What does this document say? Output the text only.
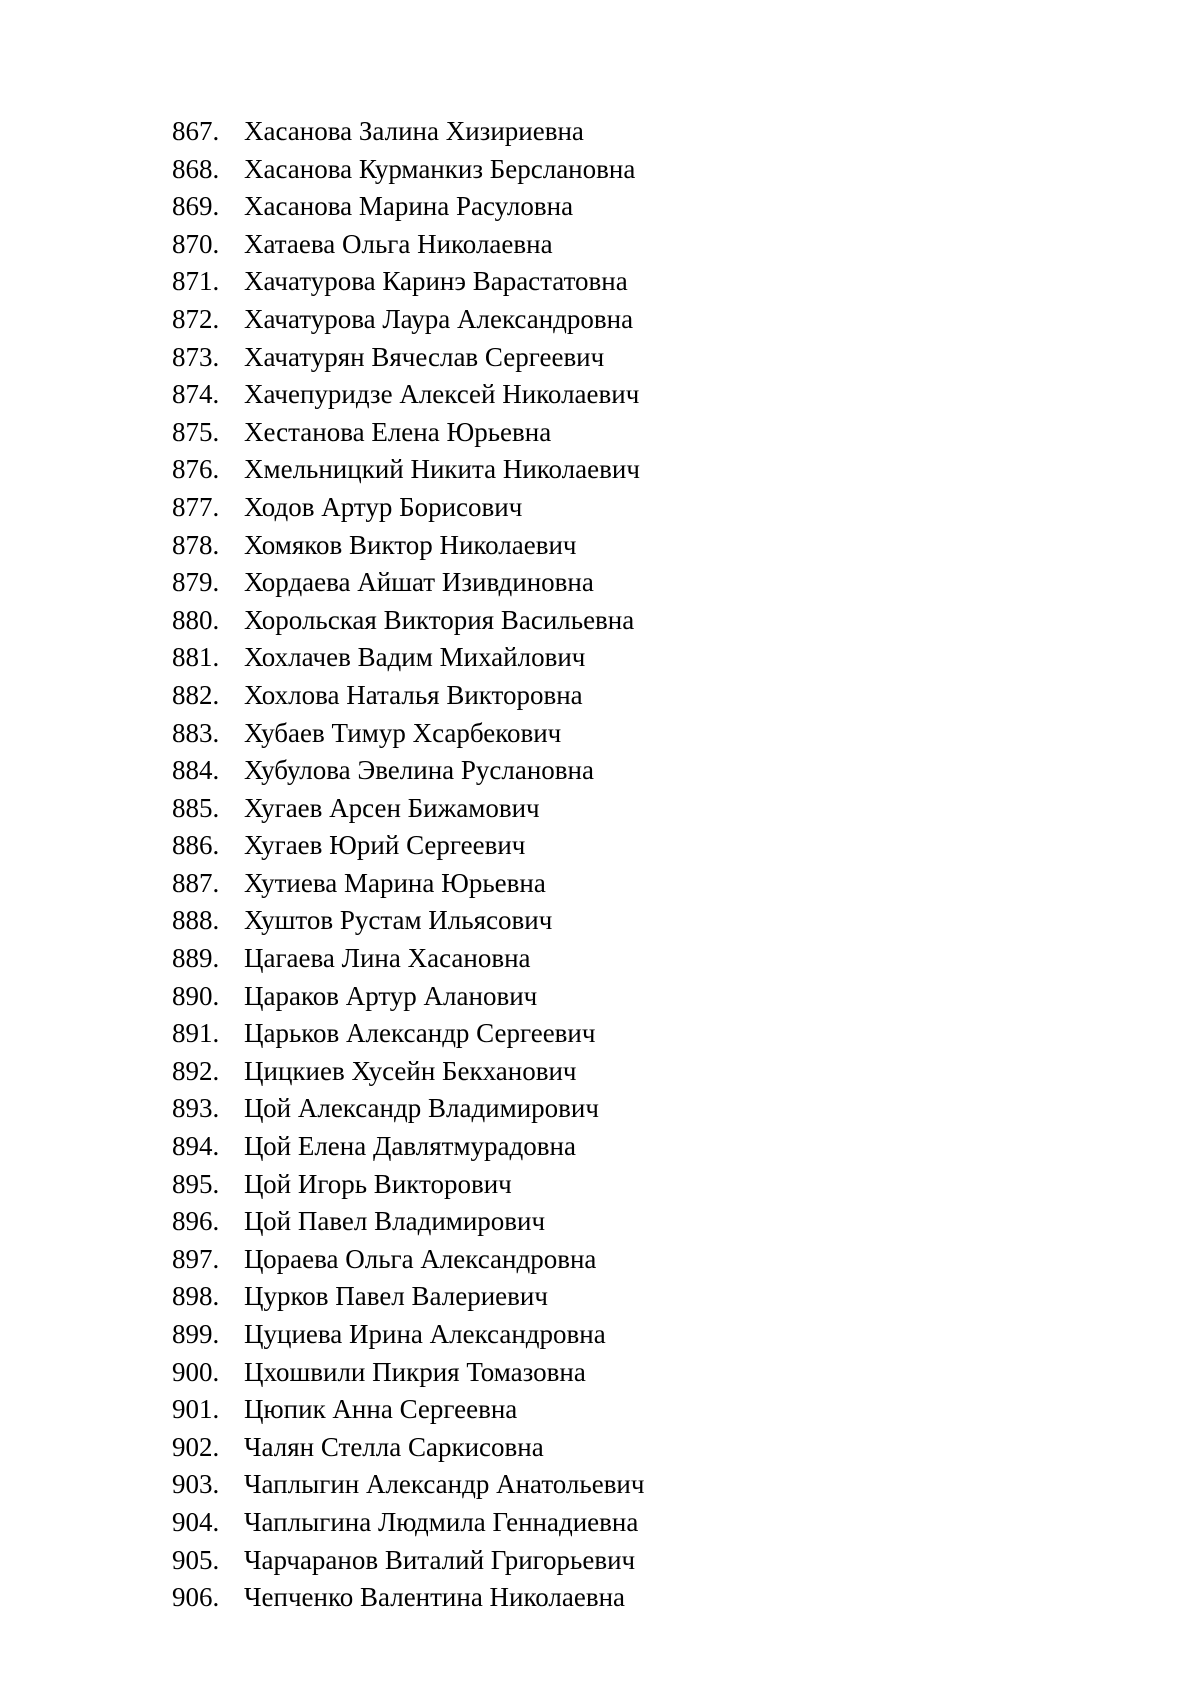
867. Хасанова Залина Хизириевна
868. Хасанова Курманкиз Берслановна
869. Хасанова Марина Расуловна
870. Хатаева Ольга Николаевна
871. Хачатурова Каринэ Варастатовна
872. Хачатурова Лаура Александровна
873. Хачатурян Вячеслав Сергеевич
874. Хачепуридзе Алексей Николаевич
875. Хестанова Елена Юрьевна
876. Хмельницкий Никита Николаевич
877. Ходов Артур Борисович
878. Хомяков Виктор Николаевич
879. Хордаева Айшат Изивдиновна
880. Хорольская Виктория Васильевна
881. Хохлачев Вадим Михайлович
882. Хохлова Наталья Викторовна
883. Хубаев Тимур Хсарбекович
884. Хубулова Эвелина Руслановна
885. Хугаев Арсен Бижамович
886. Хугаев Юрий Сергеевич
887. Хутиева Марина Юрьевна
888. Хуштов Рустам Ильясович
889. Цагаева Лина Хасановна
890. Цараков Артур Аланович
891. Царьков Александр Сергеевич
892. Цицкиев Хусейн Бекханович
893. Цой Александр Владимирович
894. Цой Елена Давлятмурадовна
895. Цой Игорь Викторович
896. Цой Павел Владимирович
897. Цораева Ольга Александровна
898. Цурков Павел Валериевич
899. Цуциева Ирина Александровна
900. Цхошвили Пикрия Томазовна
901. Цюпик Анна Сергеевна
902. Чалян Стелла Саркисовна
903. Чаплыгин Александр Анатольевич
904. Чаплыгина Людмила Геннадиевна
905. Чарчаранов Виталий Григорьевич
906. Чепченко Валентина Николаевна
